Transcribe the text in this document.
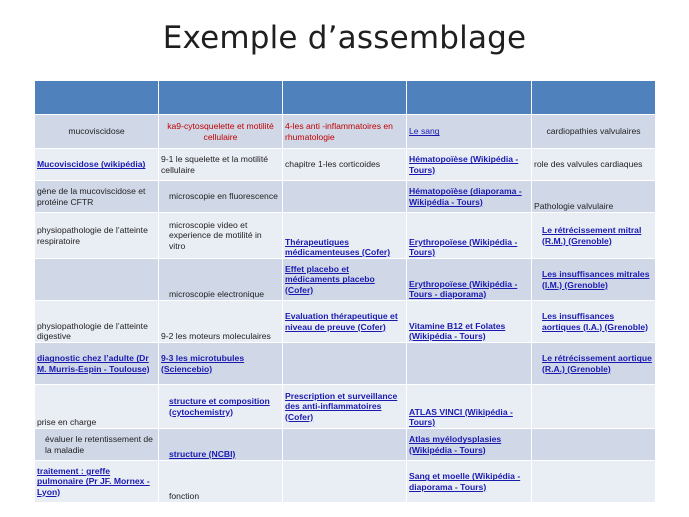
Exemple d’assemblage

mucoviscidose	ka9-cytosquelette et motilité cellulaire	4-les anti -inflammatoires en rhumatologie	Le sang	cardiopathies valvulaires
Mucoviscidose (wikipédia)	9-1 le squelette et la motilité cellulaire	chapitre 1-les corticoides	Hématopoïèse (Wikipédia - Tours)	role des valvules cardiaques
gène de la mucoviscidose et protéine CFTR	microscopie en fluorescence		Hématopoïèse (diaporama - Wikipédia - Tours)	Pathologie valvulaire
physiopathologie de l’atteinte respiratoire	microscopie video et experience de motilité in vitro	Thérapeutiques médicamenteuses (Cofer)	Erythropoïese (Wikipédia - Tours)	Le rétrécissement mitral (R.M.) (Grenoble)
	microscopie electronique	Effet placebo et médicaments placebo (Cofer)	Erythropoïese (Wikipédia - Tours - diaporama)	Les insuffisances mitrales (I.M.) (Grenoble)
physiopathologie de l’atteinte digestive	9-2 les moteurs moleculaires	Evaluation thérapeutique et niveau de preuve (Cofer)	Vitamine B12 et Folates (Wikipédia - Tours)	Les insuffisances aortiques (I.A.) (Grenoble)
diagnostic chez l’adulte (Dr M. Murris-Espin - Toulouse)	9-3 les microtubules (Sciencebio)			Le rétrécissement aortique (R.A.) (Grenoble)
prise en charge	structure et composition (cytochemistry)	Prescription et surveillance des anti-inflammatoires (Cofer)	ATLAS VINCI (Wikipédia - Tours)	
évaluer le retentissement de la maladie	structure (NCBI)		Atlas myélodysplasies (Wikipédia - Tours)	
traitement : greffe pulmonaire (Pr JF. Mornex - Lyon)	fonction		Sang et moelle (Wikipédia - diaporama - Tours)	
